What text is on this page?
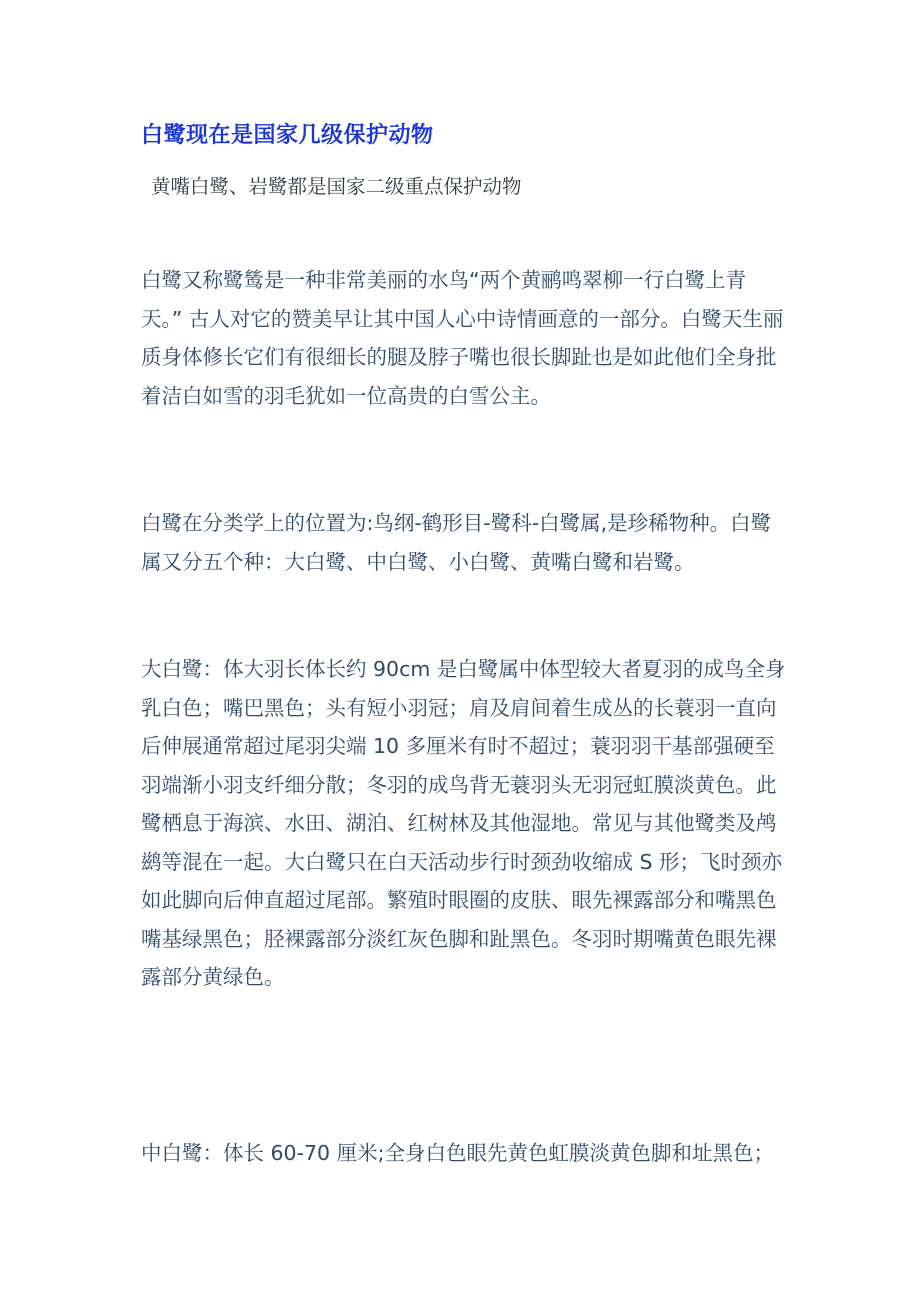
白鹭现在是国家几级保护动物
黄嘴白鹭、岩鹭都是国家二级重点保护动物

白鹭又称鹭鸶是一种非常美丽的水鸟“两个黄鹂鸣翠柳一行白鹭上青天。” 古人对它的赞美早让其中国人心中诗情画意的一部分。白鹭天生丽质身体修长它们有很细长的腿及脖子嘴也很长脚趾也是如此他们全身批着洁白如雪的羽毛犹如一位高贵的白雪公主。

白鹭在分类学上的位置为:鸟纲-鹤形目-鹭科-白鹭属,是珍稀物种。白鹭属又分五个种：大白鹭、中白鹭、小白鹭、黄嘴白鹭和岩鹭。

大白鹭：体大羽长体长约 90cm 是白鹭属中体型较大者夏羽的成鸟全身乳白色；嘴巴黑色；头有短小羽冠；肩及肩间着生成丛的长蓑羽一直向后伸展通常超过尾羽尖端 10 多厘米有时不超过；蓑羽羽干基部强硬至羽端渐小羽支纤细分散；冬羽的成鸟背无蓑羽头无羽冠虹膜淡黄色。此鹭栖息于海滨、水田、湖泊、红树林及其他湿地。常见与其他鹭类及鸬鹚等混在一起。大白鹭只在白天活动步行时颈劲收缩成 S 形；飞时颈亦如此脚向后伸直超过尾部。繁殖时眼圈的皮肤、眼先裸露部分和嘴黑色嘴基绿黑色；胫裸露部分淡红灰色脚和趾黑色。冬羽时期嘴黄色眼先裸露部分黄绿色。

中白鹭：体长 60-70 厘米;全身白色眼先黄色虹膜淡黄色脚和址黑色；
